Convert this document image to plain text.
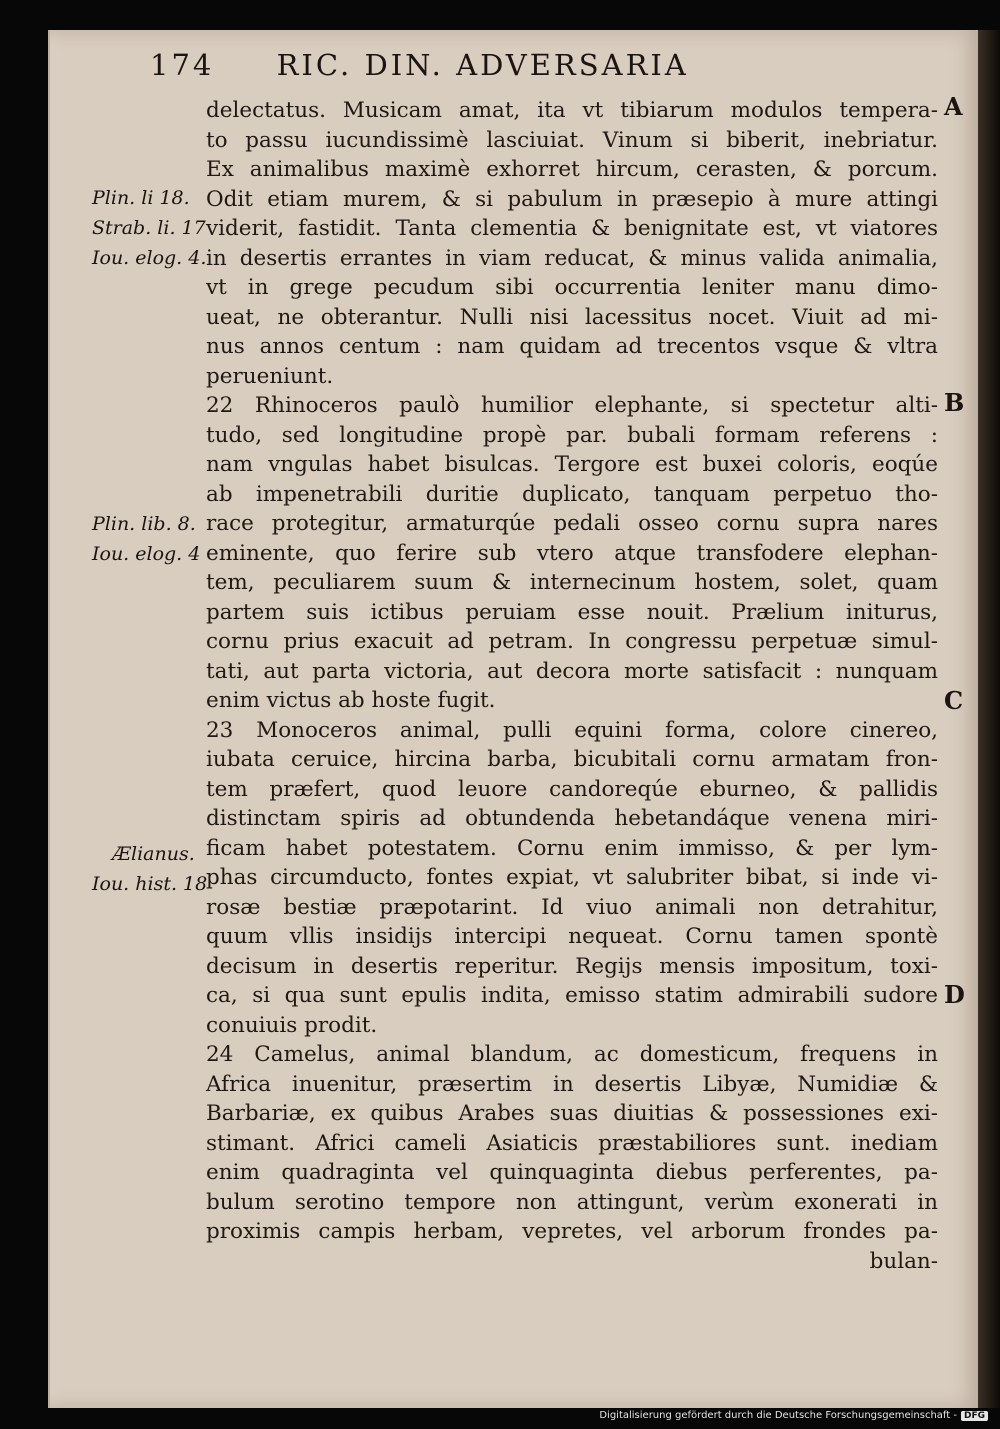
174 RIC. DIN. ADVERSARIA
delectatus. Musicam amat, ita vt tibiarum modulos tempera-
to passu iucundissimè lasciuiat. Vinum si biberit, inebriatur.
Ex animalibus maximè exhorret hircum, cerasten, & porcum.
Odit etiam murem, & si pabulum in præsepio à mure attingi
viderit, fastidit. Tanta clementia & benignitate est, vt viatores
in desertis errantes in viam reducat, & minus valida animalia,
vt in grege pecudum sibi occurrentia leniter manu dimo-
ueat, ne obterantur. Nulli nisi lacessitus nocet. Viuit ad mi-
nus annos centum : nam quidam ad trecentos vsque & vltra
perueniunt.
22 Rhinoceros paulò humilior elephante, si spectetur alti-
tudo, sed longitudine propè par. bubali formam referens :
nam vngulas habet bisulcas. Tergore est buxei coloris, eoqúe
ab impenetrabili duritie duplicato, tanquam perpetuo tho-
race protegitur, armaturqúe pedali osseo cornu supra nares
eminente, quo ferire sub vtero atque transfodere elephan-
tem, peculiarem suum & internecinum hostem, solet, quam
partem suis ictibus peruiam esse nouit. Prælium initurus,
cornu prius exacuit ad petram. In congressu perpetuæ simul-
tati, aut parta victoria, aut decora morte satisfacit : nunquam
enim victus ab hoste fugit.
23 Monoceros animal, pulli equini forma, colore cinereo,
iubata ceruice, hircina barba, bicubitali cornu armatam fron-
tem præfert, quod leuore candoreqúe eburneo, & pallidis
distinctam spiris ad obtundenda hebetandáque venena miri-
ficam habet potestatem. Cornu enim immisso, & per lym-
phas circumducto, fontes expiat, vt salubriter bibat, si inde vi-
rosæ bestiæ præpotarint. Id viuo animali non detrahitur,
quum vllis insidijs intercipi nequeat. Cornu tamen spontè
decisum in desertis reperitur. Regijs mensis impositum, toxi-
ca, si qua sunt epulis indita, emisso statim admirabili sudore
conuiuis prodit.
24 Camelus, animal blandum, ac domesticum, frequens in
Africa inuenitur, præsertim in desertis Libyæ, Numidiæ &
Barbariæ, ex quibus Arabes suas diuitias & possessiones exi-
stimant. Africi cameli Asiaticis præstabiliores sunt. inediam
enim quadraginta vel quinquaginta diebus perferentes, pa-
bulum serotino tempore non attingunt, verùm exonerati in
proximis campis herbam, vepretes, vel arborum frondes pa-
bulan-
Plin. li 18.
Strab. li. 17
Iou. elog. 4.
Plin. lib. 8.
Iou. elog. 4
Ælianus.
Iou. hist. 18
A
B
C
D
Digitalisierung gefördert durch die Deutsche Forschungsgemeinschaft - DFG
